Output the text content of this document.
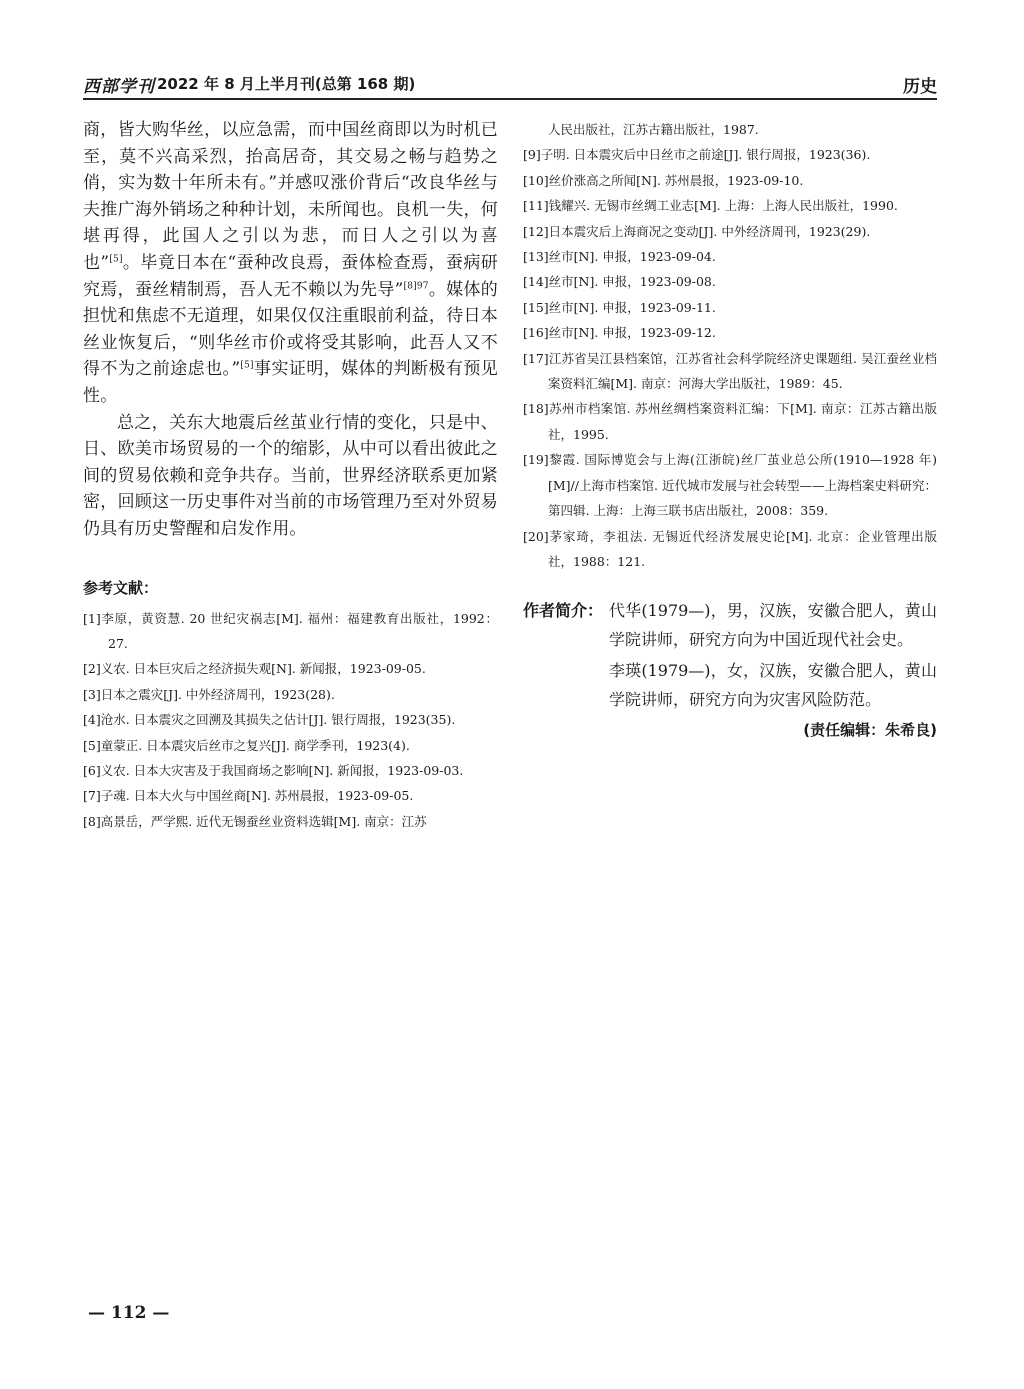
西部学刊 2022 年 8 月上半月刊(总第 168 期)	历史

商，皆大购华丝，以应急需，而中国丝商即以为时机已至，莫不兴高采烈，抬高居奇，其交易之畅与趋势之俏，实为数十年所未有。”并感叹涨价背后“改良华丝与夫推广海外销场之种种计划，未所闻也。良机一失，何堪再得，此国人之引以为悲，而日人之引以为喜也”[5]。毕竟日本在“蚕种改良焉，蚕体检查焉，蚕病研究焉，蚕丝精制焉，吾人无不赖以为先导”$^{[8]97}$。媒体的担忧和焦虑不无道理，如果仅仅注重眼前利益，待日本丝业恢复后，“则华丝市价或将受其影响，此吾人又不得不为之前途虑也。”[5]事实证明，媒体的判断极有预见性。

总之，关东大地震后丝茧业行情的变化，只是中、日、欧美市场贸易的一个的缩影，从中可以看出彼此之间的贸易依赖和竞争共存。当前，世界经济联系更加紧密，回顾这一历史事件对当前的市场管理乃至对外贸易仍具有历史警醒和启发作用。

参考文献：
[1]李原，黄资慧. 20 世纪灾祸志[M]. 福州：福建教育出版社，1992：27.
[2]义农. 日本巨灾后之经济损失观[N]. 新闻报，1923-09-05.
[3]日本之震灾[J]. 中外经济周刊，1923(28).
[4]沧水. 日本震灾之回溯及其损失之估计[J]. 银行周报，1923(35).
[5]童蒙正. 日本震灾后丝市之复兴[J]. 商学季刊，1923(4).
[6]义农. 日本大灾害及于我国商场之影响[N]. 新闻报，1923-09-03.
[7]子魂. 日本大火与中国丝商[N]. 苏州晨报，1923-09-05.
[8]高景岳，严学熙. 近代无锡蚕丝业资料选辑[M]. 南京：江苏
人民出版社，江苏古籍出版社，1987.
[9]子明. 日本震灾后中日丝市之前途[J]. 银行周报，1923(36).
[10]丝价涨高之所闻[N]. 苏州晨报，1923-09-10.
[11]钱耀兴. 无锡市丝绸工业志[M]. 上海：上海人民出版社，1990.
[12]日本震灾后上海商况之变动[J]. 中外经济周刊，1923(29).
[13]丝市[N]. 申报，1923-09-04.
[14]丝市[N]. 申报，1923-09-08.
[15]丝市[N]. 申报，1923-09-11.
[16]丝市[N]. 申报，1923-09-12.
[17]江苏省吴江县档案馆，江苏省社会科学院经济史课题组. 吴江蚕丝业档案资料汇编[M]. 南京：河海大学出版社，1989：45.
[18]苏州市档案馆. 苏州丝绸档案资料汇编：下[M]. 南京：江苏古籍出版社，1995.
[19]黎霞. 国际博览会与上海(江浙皖)丝厂茧业总公所(1910—1928 年)[M]//上海市档案馆. 近代城市发展与社会转型——上海档案史料研究：第四辑. 上海：上海三联书店出版社，2008：359.
[20]茅家琦，李祖法. 无锡近代经济发展史论[M]. 北京：企业管理出版社，1988：121.
作者简介： 代华(1979—)，男，汉族，安徽合肥人，黄山学院讲师，研究方向为中国近现代社会史。

李瑛(1979—)，女，汉族，安徽合肥人，黄山学院讲师，研究方向为灾害风险防范。

(责任编辑：朱希良)
— 112 —
